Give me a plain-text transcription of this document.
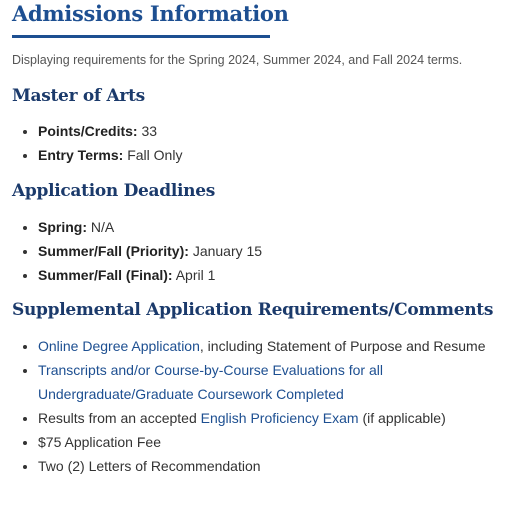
Admissions Information

Displaying requirements for the Spring 2024, Summer 2024, and Fall 2024 terms.

Master of Arts
• Points/Credits: 33
• Entry Terms: Fall Only
Application Deadlines
• Spring: N/A
• Summer/Fall (Priority): January 15
• Summer/Fall (Final): April 1
Supplemental Application Requirements/Comments
• Online Degree Application, including Statement of Purpose and Resume
• Transcripts and/or Course-by-Course Evaluations for all Undergraduate/Graduate Coursework Completed
• Results from an accepted English Proficiency Exam (if applicable)
• $75 Application Fee
• Two (2) Letters of Recommendation
